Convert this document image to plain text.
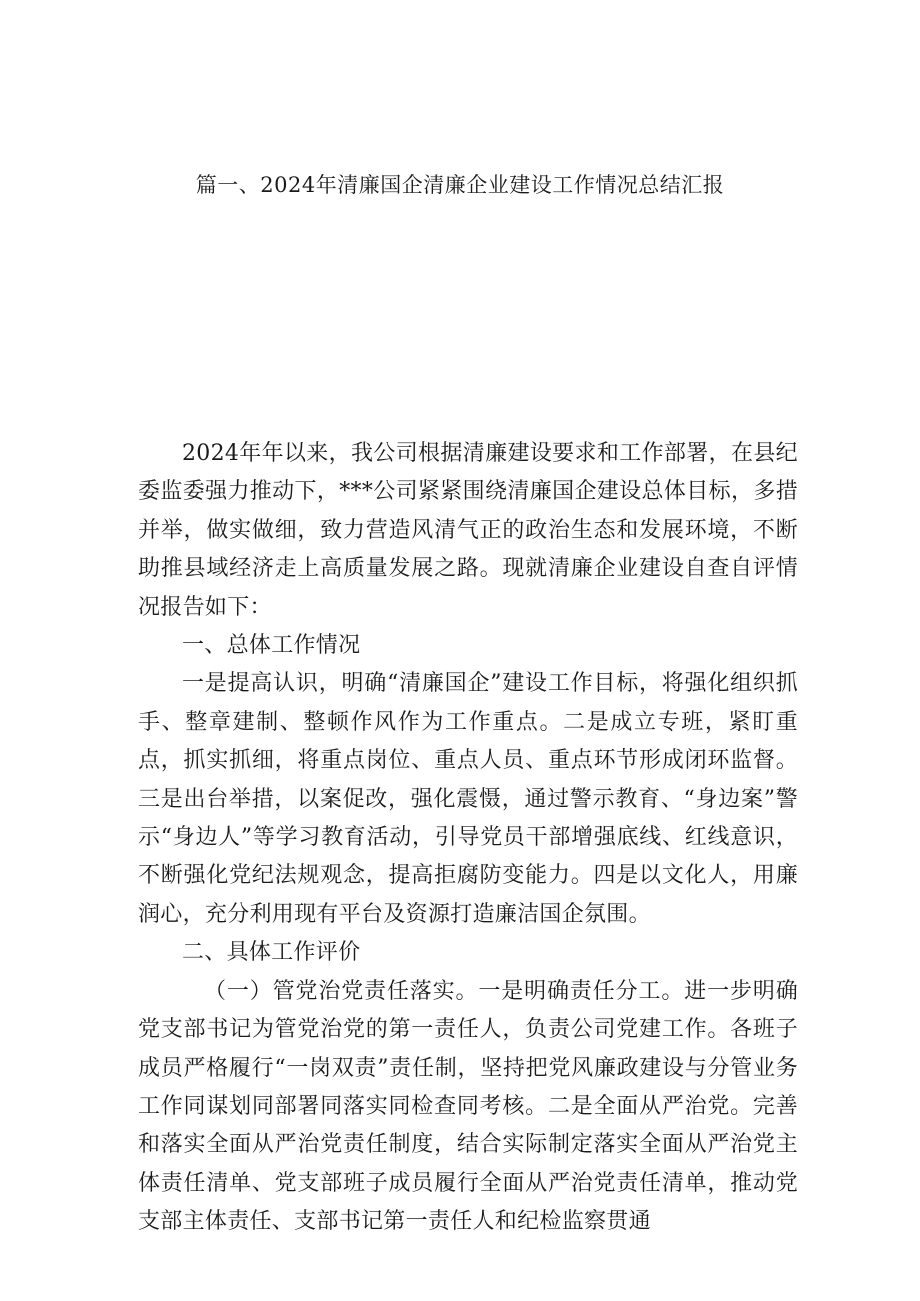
篇一、2024年清廉国企清廉企业建设工作情况总结汇报

2024年年以来，我公司根据清廉建设要求和工作部署，在县纪委监委强力推动下，***公司紧紧围绕清廉国企建设总体目标，多措并举，做实做细，致力营造风清气正的政治生态和发展环境，不断助推县域经济走上高质量发展之路。现就清廉企业建设自查自评情况报告如下：

一、总体工作情况

一是提高认识，明确“清廉国企”建设工作目标，将强化组织抓手、整章建制、整顿作风作为工作重点。二是成立专班，紧盯重点，抓实抓细，将重点岗位、重点人员、重点环节形成闭环监督。三是出台举措，以案促改，强化震慑，通过警示教育、“身边案”警示“身边人”等学习教育活动，引导党员干部增强底线、红线意识，不断强化党纪法规观念，提高拒腐防变能力。四是以文化人，用廉润心，充分利用现有平台及资源打造廉洁国企氛围。

二、具体工作评价

（一）管党治党责任落实。一是明确责任分工。进一步明确党支部书记为管党治党的第一责任人，负责公司党建工作。各班子成员严格履行“一岗双责”责任制，坚持把党风廉政建设与分管业务工作同谋划同部署同落实同检查同考核。二是全面从严治党。完善和落实全面从严治党责任制度，结合实际制定落实全面从严治党主体责任清单、党支部班子成员履行全面从严治党责任清单，推动党支部主体责任、支部书记第一责任人和纪检监察贯通
